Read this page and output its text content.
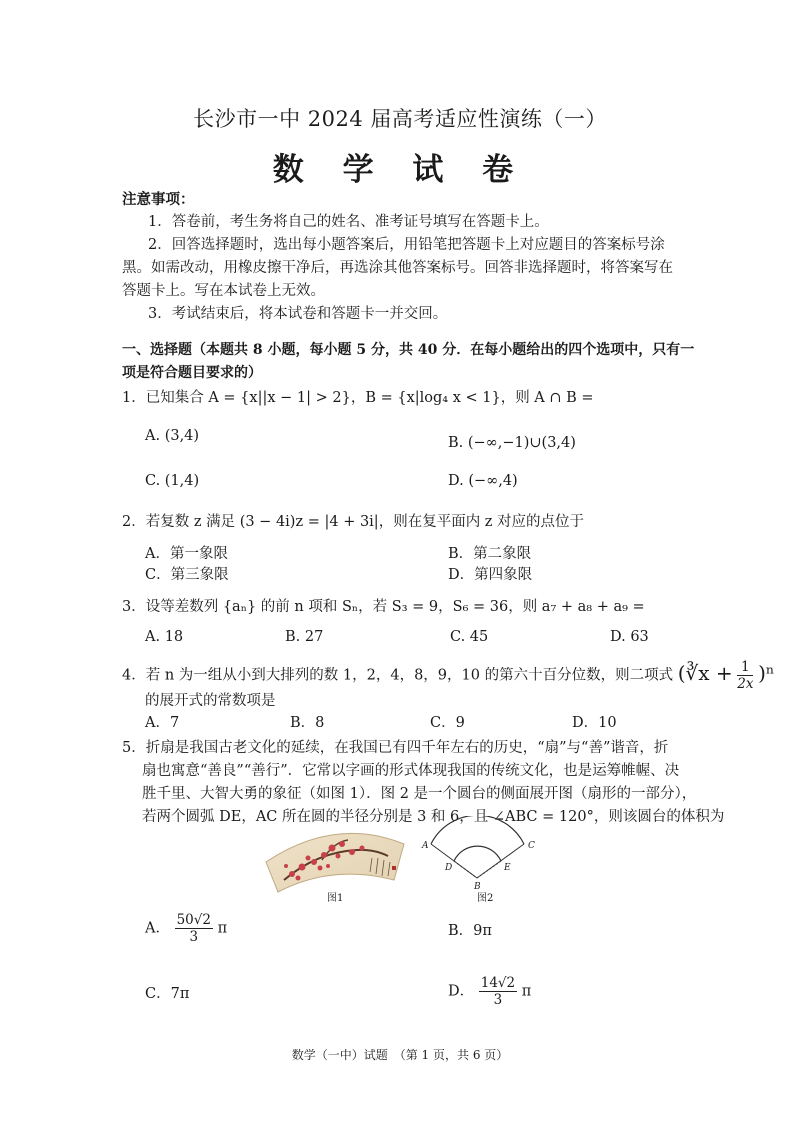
长沙市一中 2024 届高考适应性演练（一）
数 学 试 卷
注意事项：
1．答卷前，考生务将自己的姓名、准考证号填写在答题卡上。
2．回答选择题时，选出每小题答案后，用铅笔把答题卡上对应题目的答案标号涂
黑。如需改动，用橡皮擦干净后，再选涂其他答案标号。回答非选择题时，将答案写在
答题卡上。写在本试卷上无效。
3．考试结束后，将本试卷和答题卡一并交回。
一、选择题（本题共 8 小题，每小题 5 分，共 40 分．在每小题给出的四个选项中，只有一
项是符合题目要求的）
1．已知集合 A = {x||x − 1| > 2}，B = {x|log₄ x < 1}，则 A ∩ B =
A. (3,4)	B. (−∞,−1)∪(3,4)
C. (1,4)	D. (−∞,4)
2．若复数 z 满足 (3 − 4i)z = |4 + 3i|，则在复平面内 z 对应的点位于
A．第一象限	B．第二象限
C．第三象限	D．第四象限
3．设等差数列 {aₙ} 的前 n 项和 Sₙ，若 S₃ = 9，S₆ = 36，则 a₇ + a₈ + a₉ =
A. 18	B. 27	C. 45	D. 63
4．若 n 为一组从小到大排列的数 1，2，4，8，9，10 的第六十百分位数，则二项式 (∛x + $\frac{1}{2x} )^n$
的展开式的常数项是
A．7	B．8	C．9	D．10
5．折扇是我国古老文化的延续，在我国已有四千年左右的历史，“扇”与“善”谐音，折
扇也寓意“善良”“善行”．它常以字画的形式体现我国的传统文化，也是运筹帷幄、决
胜千里、大智大勇的象征（如图 1）．图 2 是一个圆台的侧面展开图（扇形的一部分），
若两个圆弧 DE，AC 所在圆的半径分别是 3 和 6，且 ∠ABC = 120°，则该圆台的体积为
图1
A	C
D	E
B
图2
A． $\frac{50√2}{3}$ π	B．9π
C．7π	D． $\frac{14√2}{3}$ π
数学（一中）试题　（第 1 页，共 6 页）
